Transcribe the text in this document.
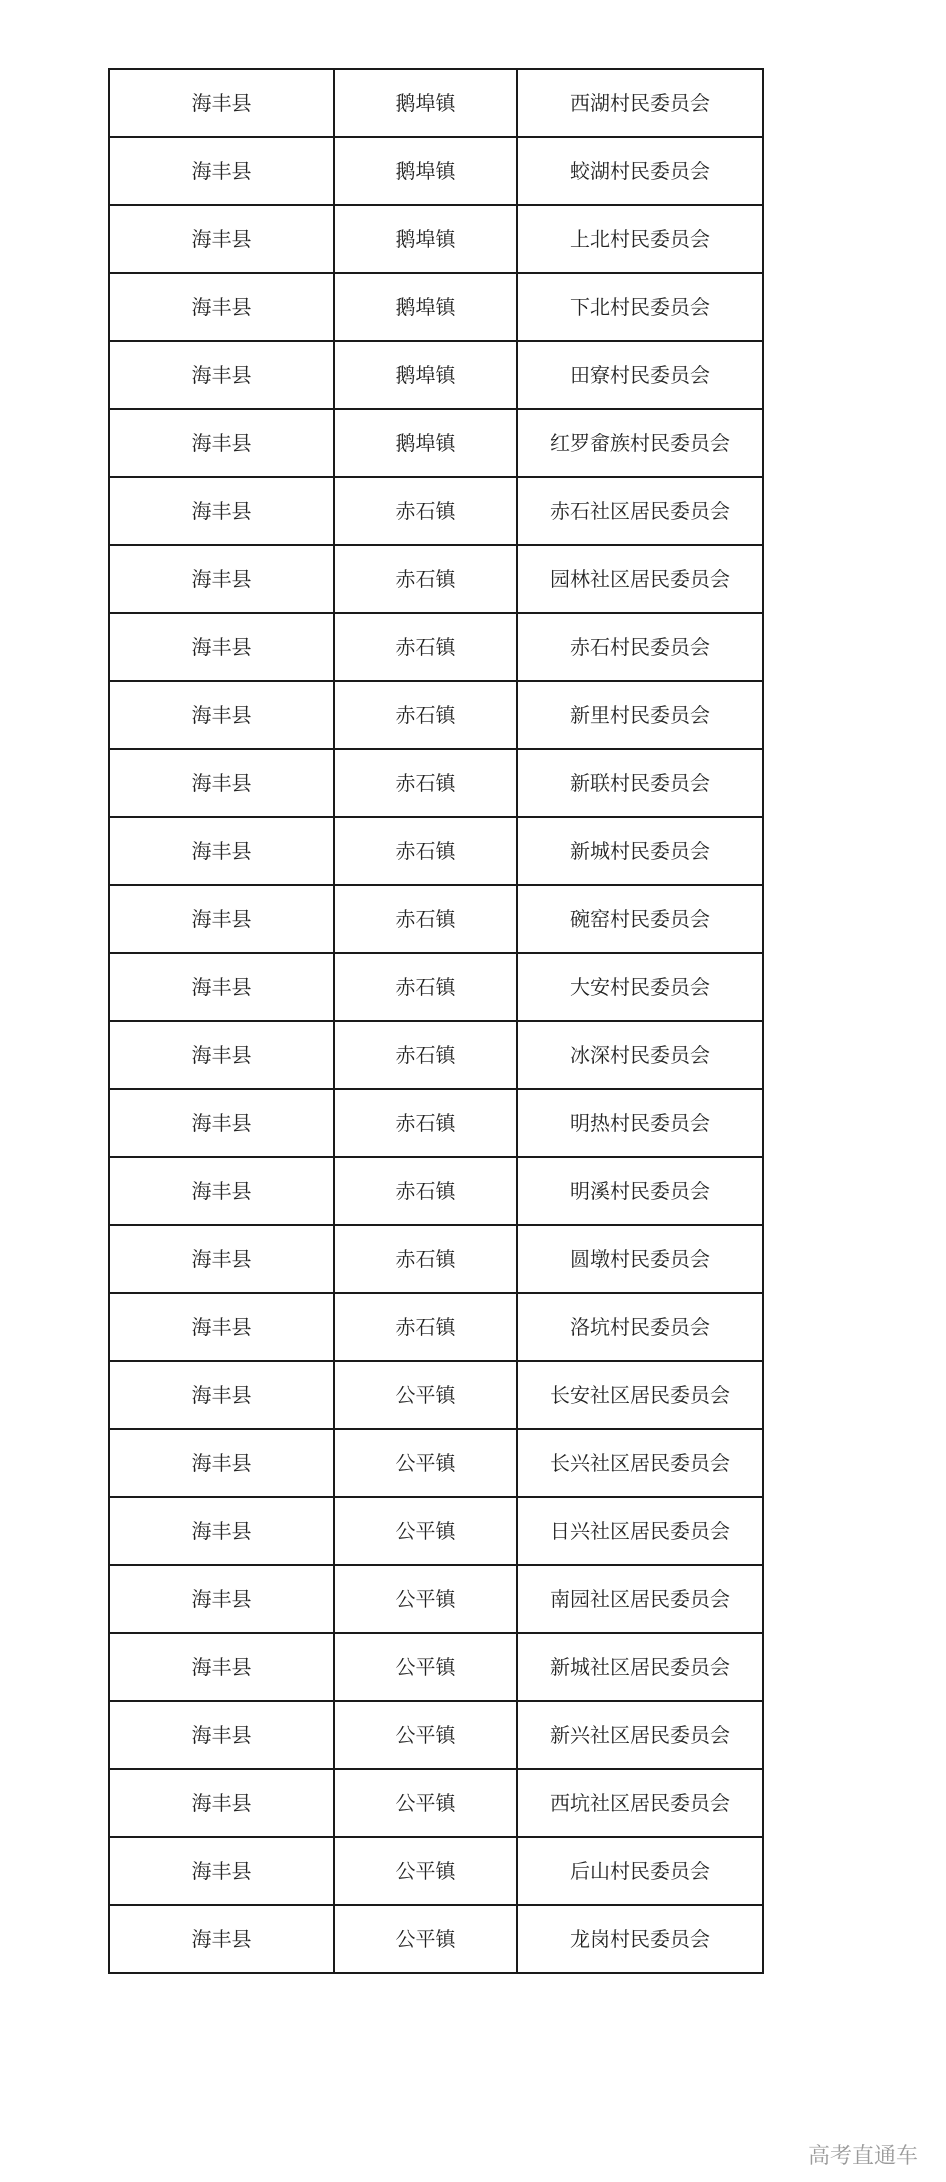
海丰县	鹅埠镇	西湖村民委员会
海丰县	鹅埠镇	蛟湖村民委员会
海丰县	鹅埠镇	上北村民委员会
海丰县	鹅埠镇	下北村民委员会
海丰县	鹅埠镇	田寮村民委员会
海丰县	鹅埠镇	红罗畲族村民委员会
海丰县	赤石镇	赤石社区居民委员会
海丰县	赤石镇	园林社区居民委员会
海丰县	赤石镇	赤石村民委员会
海丰县	赤石镇	新里村民委员会
海丰县	赤石镇	新联村民委员会
海丰县	赤石镇	新城村民委员会
海丰县	赤石镇	碗窑村民委员会
海丰县	赤石镇	大安村民委员会
海丰县	赤石镇	冰深村民委员会
海丰县	赤石镇	明热村民委员会
海丰县	赤石镇	明溪村民委员会
海丰县	赤石镇	圆墩村民委员会
海丰县	赤石镇	洛坑村民委员会
海丰县	公平镇	长安社区居民委员会
海丰县	公平镇	长兴社区居民委员会
海丰县	公平镇	日兴社区居民委员会
海丰县	公平镇	南园社区居民委员会
海丰县	公平镇	新城社区居民委员会
海丰县	公平镇	新兴社区居民委员会
海丰县	公平镇	西坑社区居民委员会
海丰县	公平镇	后山村民委员会
海丰县	公平镇	龙岗村民委员会
高考直通车
